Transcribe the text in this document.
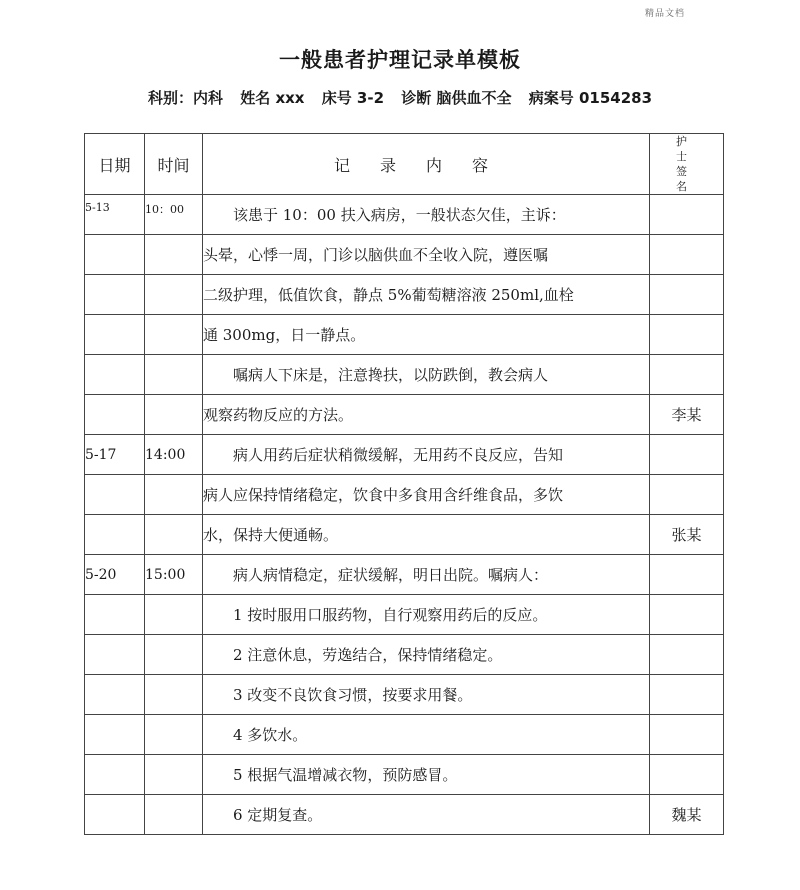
精品文档
一般患者护理记录单模板
科别：内科 姓名 xxx 床号 3-2 诊断 脑供血不全 病案号 0154283
日期	时间	记录内容	护士签名

5-13	10：00	　　该患于 10：00 扶入病房，一般状态欠佳，主诉：	
		头晕，心悸一周，门诊以脑供血不全收入院，遵医嘱	
		二级护理，低值饮食，静点 5%葡萄糖溶液 250ml,血栓	
		通 300mg，日一静点。	
		　　嘱病人下床是，注意搀扶，以防跌倒，教会病人	
		观察药物反应的方法。	李某
5-17	14:00	　　病人用药后症状稍微缓解，无用药不良反应，告知	
		病人应保持情绪稳定，饮食中多食用含纤维食品，多饮	
		水，保持大便通畅。	张某
5-20	15:00	　　病人病情稳定，症状缓解，明日出院。嘱病人：	
		　　1 按时服用口服药物，自行观察用药后的反应。	
		　　2 注意休息，劳逸结合，保持情绪稳定。	
		　　3 改变不良饮食习惯，按要求用餐。	
		　　4 多饮水。	
		　　5 根据气温增减衣物，预防感冒。	
		　　6 定期复查。	魏某
